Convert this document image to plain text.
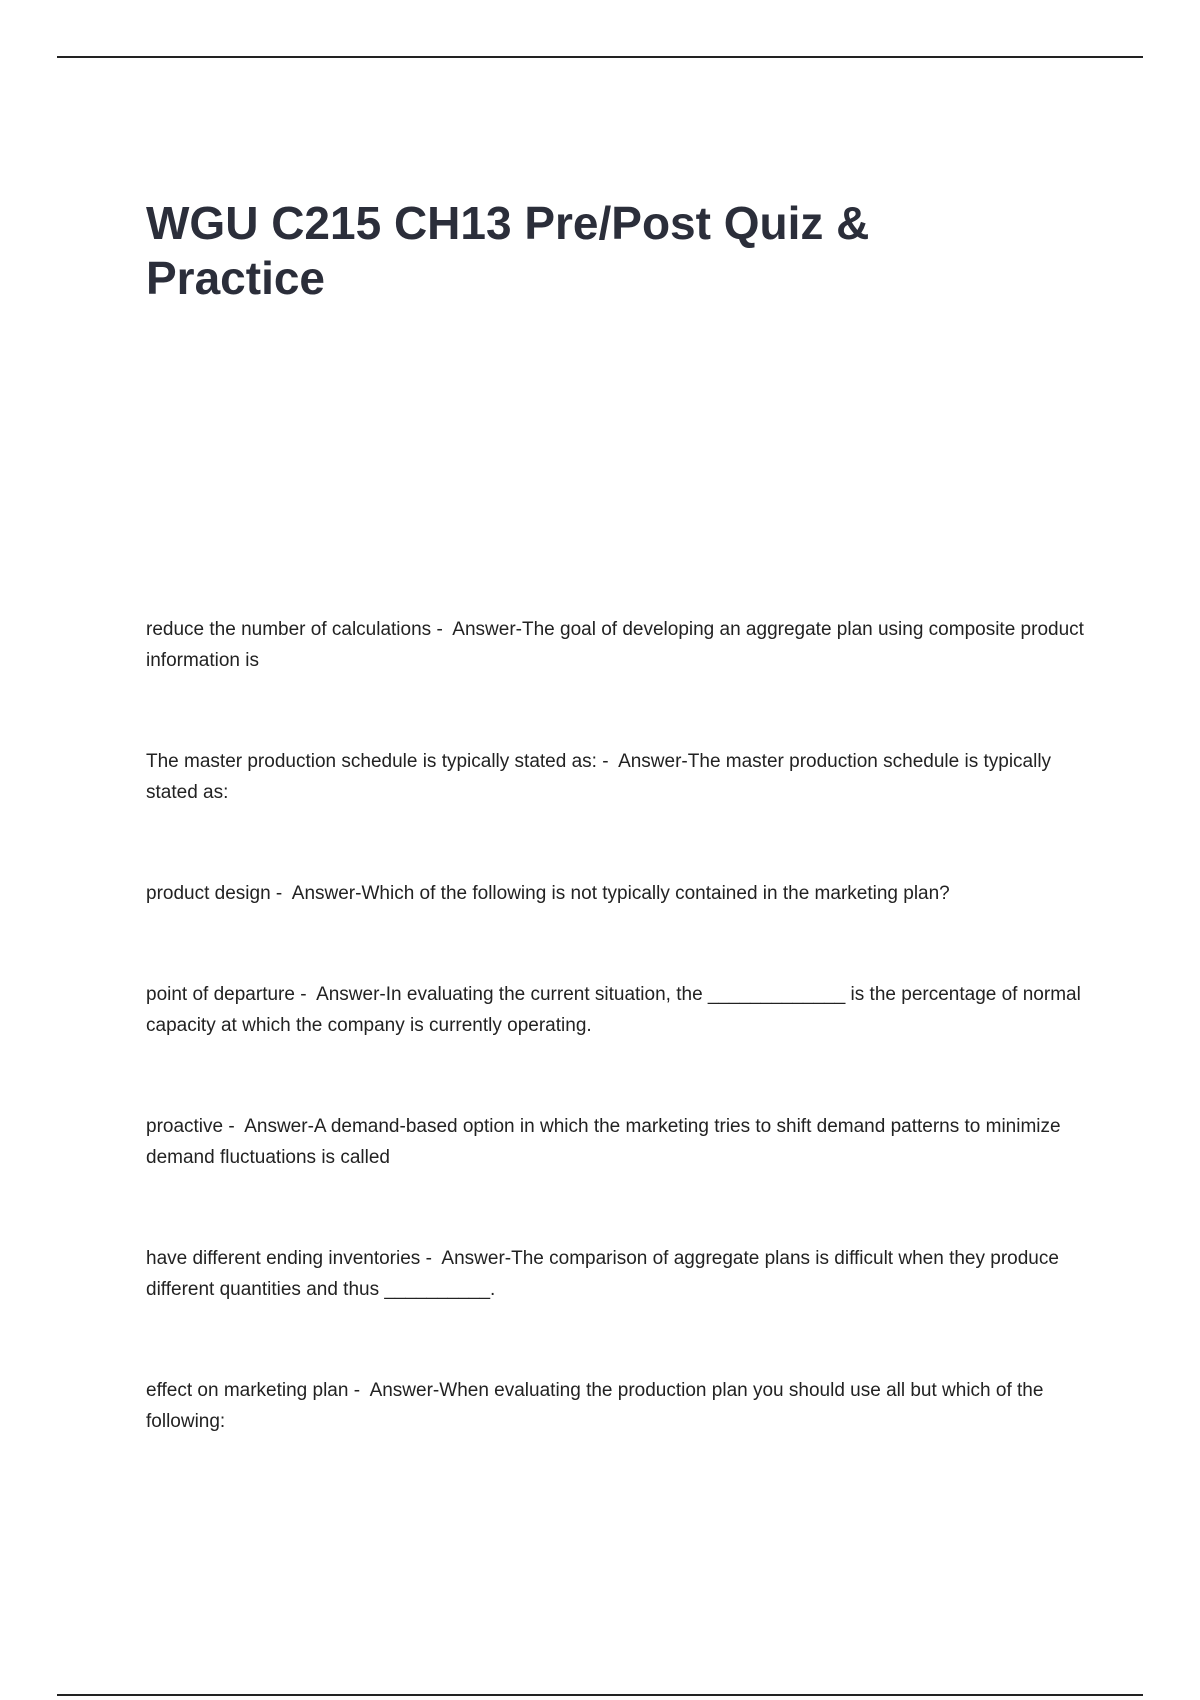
WGU C215 CH13 Pre/Post Quiz & Practice

reduce the number of calculations -  Answer-The goal of developing an aggregate plan using composite product information is

The master production schedule is typically stated as: -  Answer-The master production schedule is typically stated as:

product design -  Answer-Which of the following is not typically contained in the marketing plan?

point of departure -  Answer-In evaluating the current situation, the _____________ is the percentage of normal capacity at which the company is currently operating.

proactive -  Answer-A demand-based option in which the marketing tries to shift demand patterns to minimize demand fluctuations is called

have different ending inventories -  Answer-The comparison of aggregate plans is difficult when they produce different quantities and thus __________.

effect on marketing plan -  Answer-When evaluating the production plan you should use all but which of the following:
